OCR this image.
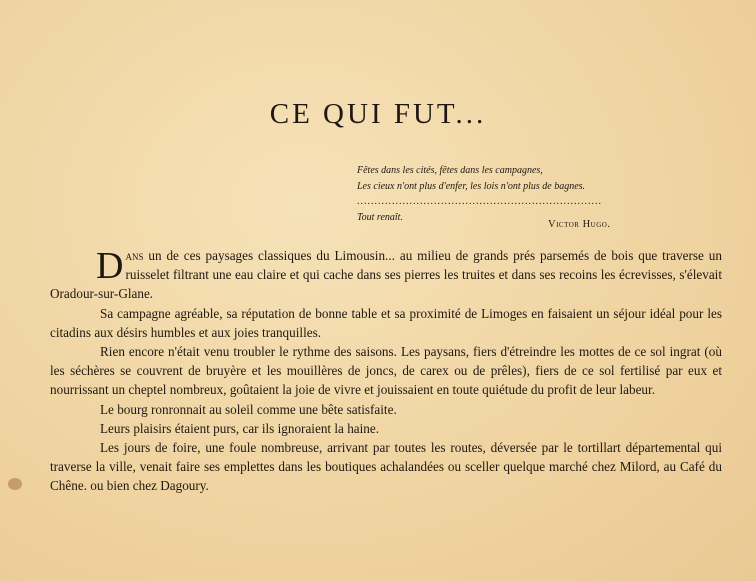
CE QUI FUT...
Fêtes dans les cités, fêtes dans les campagnes,
Les cieux n'ont plus d'enfer, les lois n'ont plus de bagnes.
......................................................................
Tout renaît.
Victor Hugo.

Dans un de ces paysages classiques du Limousin... au milieu de grands prés parsemés de bois que traverse un ruisselet filtrant une eau claire et qui cache dans ses pierres les truites et dans ses recoins les écrevisses, s'élevait Oradour-sur-Glane.

Sa campagne agréable, sa réputation de bonne table et sa proximité de Limoges en faisaient un séjour idéal pour les citadins aux désirs humbles et aux joies tranquilles.

Rien encore n'était venu troubler le rythme des saisons. Les paysans, fiers d'étreindre les mottes de ce sol ingrat (où les séchères se couvrent de bruyère et les mouillères de joncs, de carex ou de prêles), fiers de ce sol fertilisé par eux et nourrissant un cheptel nombreux, goûtaient la joie de vivre et jouissaient en toute quiétude du profit de leur labeur.

Le bourg ronronnait au soleil comme une bête satisfaite.

Leurs plaisirs étaient purs, car ils ignoraient la haine.

Les jours de foire, une foule nombreuse, arrivant par toutes les routes, déversée par le tortillart départemental qui traverse la ville, venait faire ses emplettes dans les boutiques achalandées ou sceller quelque marché chez Milord, au Café du Chêne. ou bien chez Dagoury.
